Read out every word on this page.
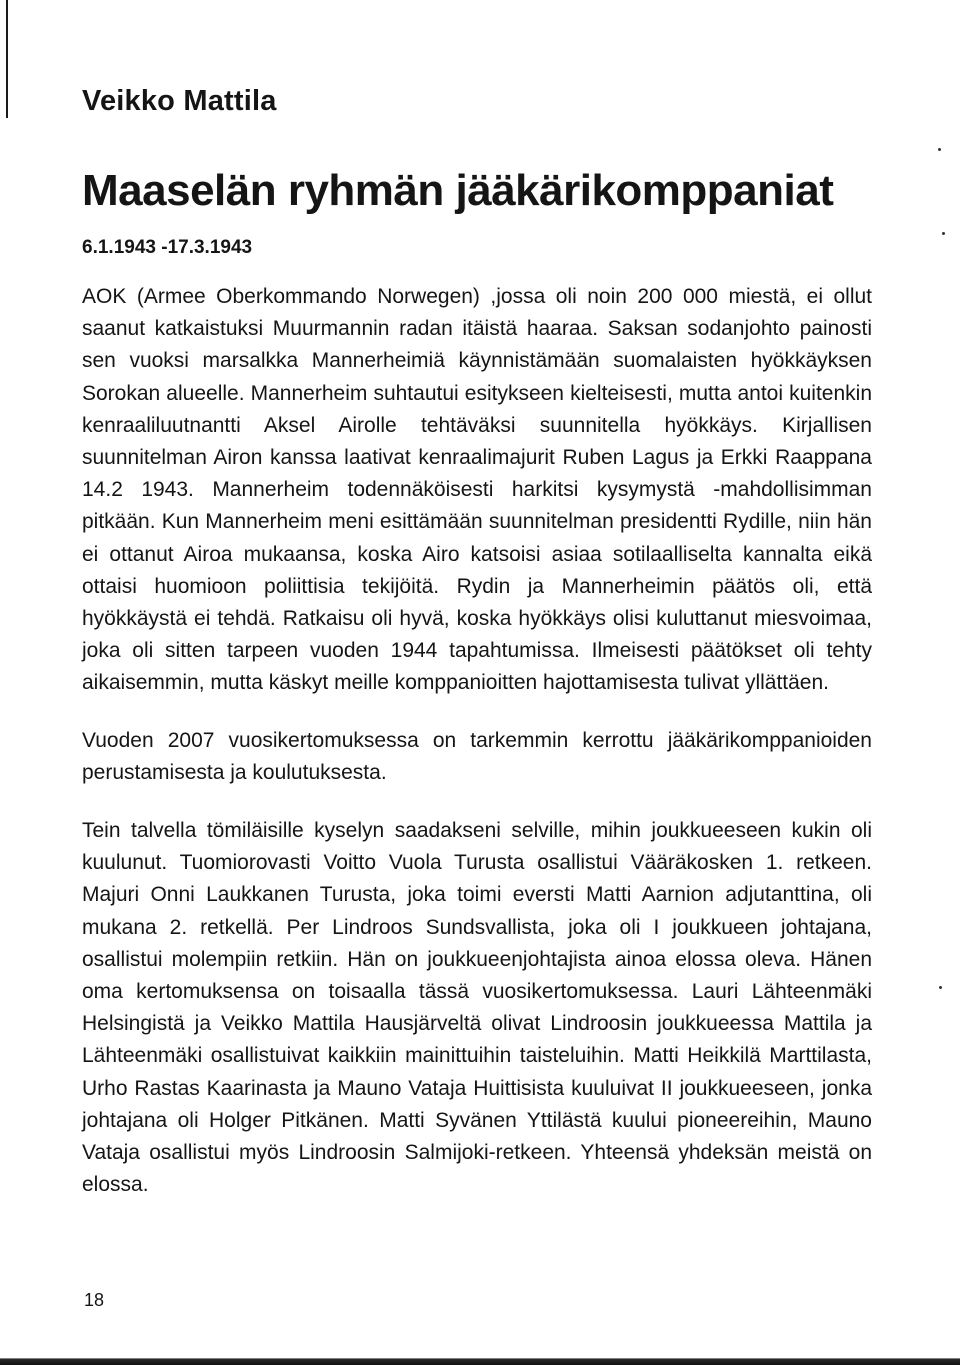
Veikko Mattila
Maaselän ryhmän jääkärikomppaniat
6.1.1943 -17.3.1943

AOK (Armee Oberkommando Norwegen) ,jossa oli noin 200 000 miestä, ei ollut saanut katkaistuksi Muurmannin radan itäistä haaraa. Saksan sodanjohto painosti sen vuoksi marsalkka Mannerheimiä käynnistämään suomalaisten hyökkäyksen Sorokan alueelle. Mannerheim suhtautui esitykseen kielteisesti, mutta antoi kuitenkin kenraaliluutnantti Aksel Airolle tehtäväksi suunnitella hyökkäys. Kirjallisen suunnitelman Airon kanssa laativat kenraalimajurit Ruben Lagus ja Erkki Raappana 14.2 1943. Mannerheim todennäköisesti harkitsi kysymystä -mahdollisimman pitkään. Kun Mannerheim meni esittämään suunnitelman presidentti Rydille, niin hän ei ottanut Airoa mukaansa, koska Airo katsoisi asiaa sotilaalliselta kannalta eikä ottaisi huomioon poliittisia tekijöitä. Rydin ja Mannerheimin päätös oli, että hyökkäystä ei tehdä. Ratkaisu oli hyvä, koska hyökkäys olisi kuluttanut miesvoimaa, joka oli sitten tarpeen vuoden 1944 tapahtumissa. Ilmeisesti päätökset oli tehty aikaisemmin, mutta käskyt meille komppanioitten hajottamisesta tulivat yllättäen.

Vuoden 2007 vuosikertomuksessa on tarkemmin kerrottu jääkärikomppanioiden perustamisesta ja koulutuksesta.

Tein talvella tömiläisille kyselyn saadakseni selville, mihin joukkueeseen kukin oli kuulunut. Tuomiorovasti Voitto Vuola Turusta osallistui Vääräkosken 1. retkeen. Majuri Onni Laukkanen Turusta, joka toimi eversti Matti Aarnion adjutanttina, oli mukana 2. retkellä. Per Lindroos Sundsvallista, joka oli I joukkueen johtajana, osallistui molempiin retkiin. Hän on joukkueenjohtajista ainoa elossa oleva. Hänen oma kertomuksensa on toisaalla tässä vuosikertomuksessa. Lauri Lähteenmäki Helsingistä ja Veikko Mattila Hausjärveltä olivat Lindroosin joukkueessa Mattila ja Lähteenmäki osallistuivat kaikkiin mainittuihin taisteluihin. Matti Heikkilä Marttilasta, Urho Rastas Kaarinasta ja Mauno Vataja Huittisista kuuluivat II joukkueeseen, jonka johtajana oli Holger Pitkänen. Matti Syvänen Yttilästä kuului pioneereihin, Mauno Vataja osallistui myös Lindroosin Salmijoki-retkeen. Yhteensä yhdeksän meistä on elossa.

18
